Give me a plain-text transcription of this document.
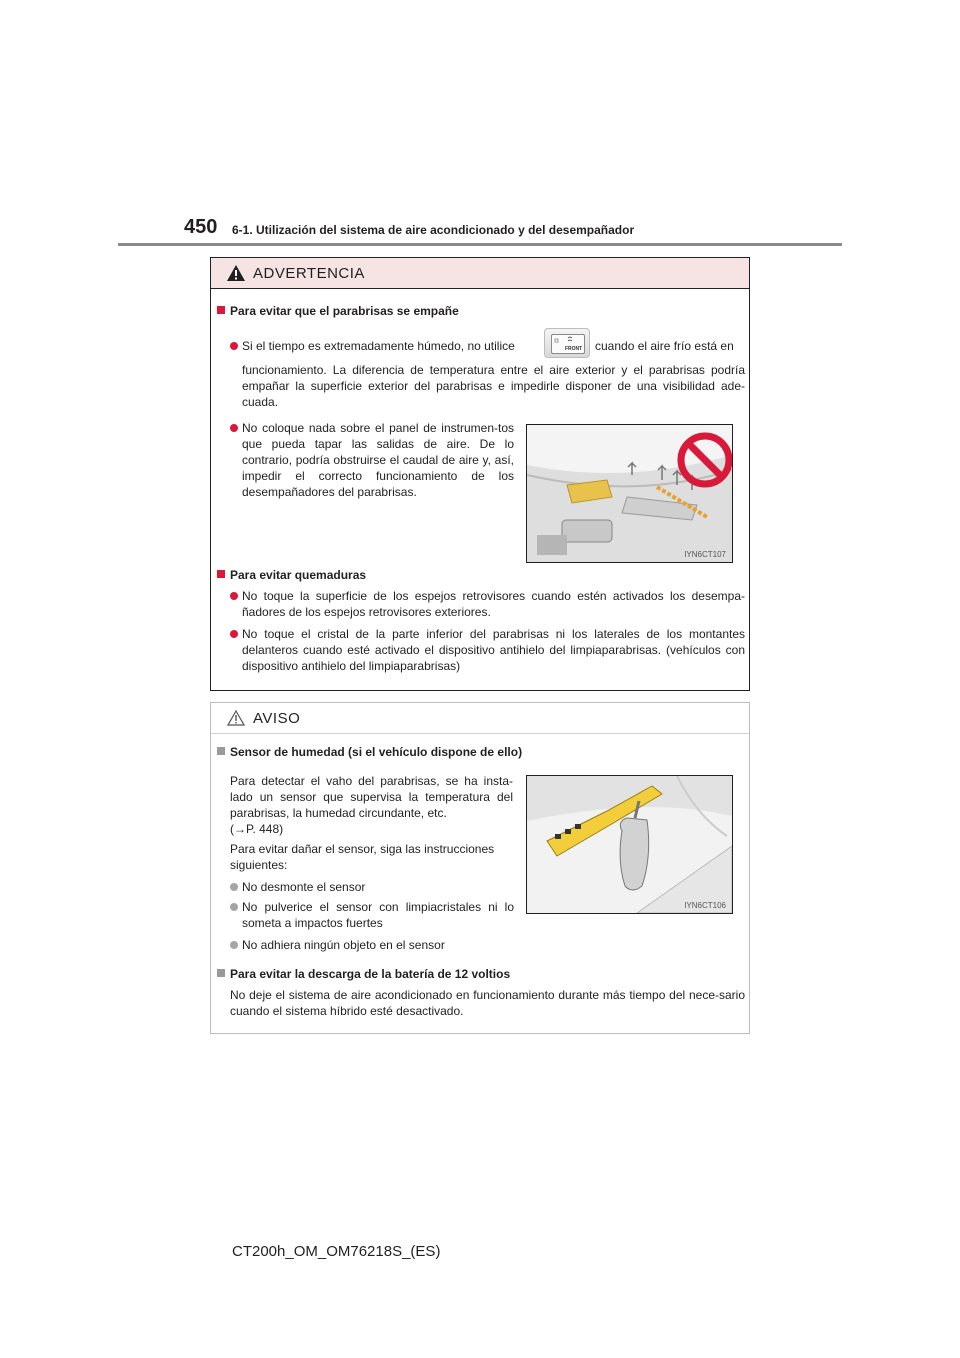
450 6-1. Utilización del sistema de aire acondicionado y del desempañador
ADVERTENCIA
Para evitar que el parabrisas se empañe
Si el tiempo es extremadamente húmedo, no utilice	FRONT cuando el aire frío está en
funcionamiento. La diferencia de temperatura entre el aire exterior y el parabrisas podría empañar la superficie exterior del parabrisas e impedirle disponer de una visibilidad ade-cuada.
No coloque nada sobre el panel de instrumen-tos que pueda tapar las salidas de aire. De lo contrario, podría obstruirse el caudal de aire y, así, impedir el correcto funcionamiento de los desempañadores del parabrisas.
IYN6CT107
Para evitar quemaduras
No toque la superficie de los espejos retrovisores cuando estén activados los desempa-ñadores de los espejos retrovisores exteriores.
No toque el cristal de la parte inferior del parabrisas ni los laterales de los montantes delanteros cuando esté activado el dispositivo antihielo del limpiaparabrisas. (vehículos con dispositivo antihielo del limpiaparabrisas)
AVISO
Sensor de humedad (si el vehículo dispone de ello)
Para detectar el vaho del parabrisas, se ha insta-lado un sensor que supervisa la temperatura del parabrisas, la humedad circundante, etc.
(→P. 448)
Para evitar dañar el sensor, siga las instrucciones siguientes:
No desmonte el sensor
No pulverice el sensor con limpiacristales ni lo someta a impactos fuertes
No adhiera ningún objeto en el sensor
IYN6CT106
Para evitar la descarga de la batería de 12 voltios
No deje el sistema de aire acondicionado en funcionamiento durante más tiempo del nece-sario cuando el sistema híbrido esté desactivado.
CT200h_OM_OM76218S_(ES)
